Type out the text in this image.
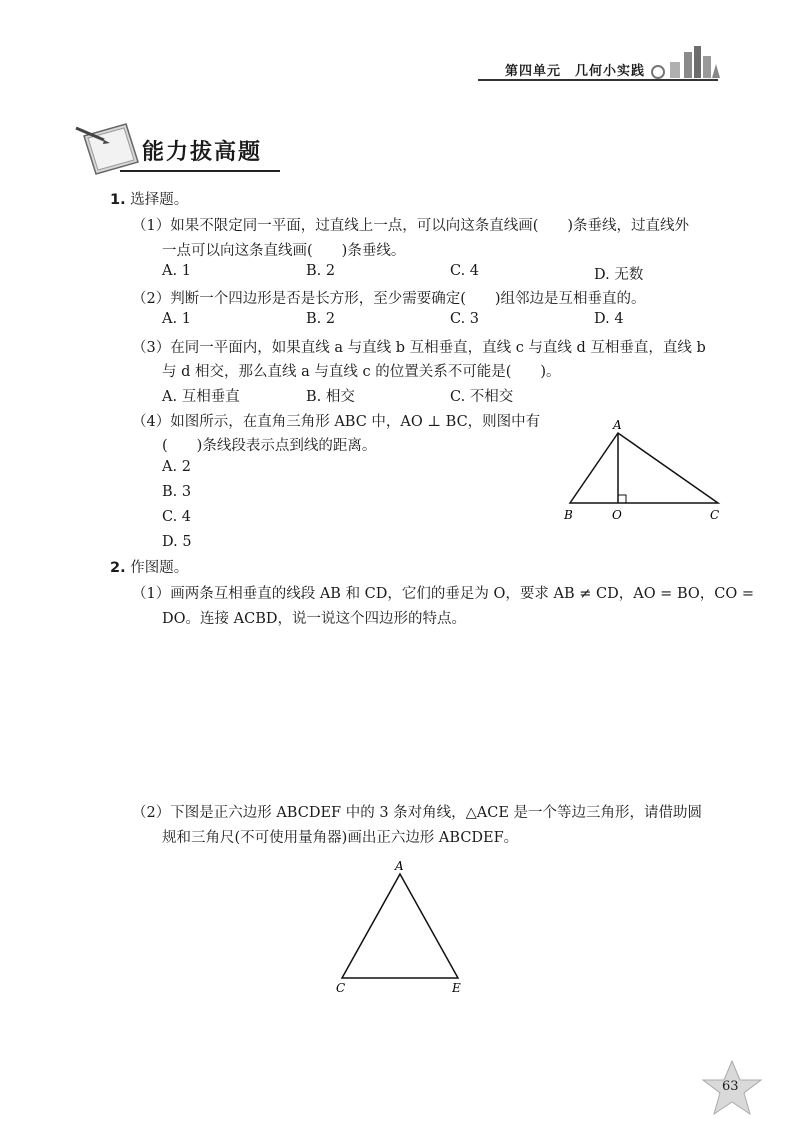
第四单元　几何小实践
能力拔高题
1. 选择题。
（1）如果不限定同一平面，过直线上一点，可以向这条直线画(　　)条垂线，过直线外
一点可以向这条直线画(　　)条垂线。
A. 1	B. 2	C. 4	D. 无数
（2）判断一个四边形是否是长方形，至少需要确定(　　)组邻边是互相垂直的。
A. 1	B. 2	C. 3	D. 4
（3）在同一平面内，如果直线 a 与直线 b 互相垂直，直线 c 与直线 d 互相垂直，直线 b
与 d 相交，那么直线 a 与直线 c 的位置关系不可能是(　　)。
A. 互相垂直	B. 相交	C. 不相交
（4）如图所示，在直角三角形 ABC 中，AO ⊥ BC，则图中有
(　　)条线段表示点到线的距离。
A. 2
B. 3
C. 4
D. 5
A
B	O	C
2. 作图题。
（1）画两条互相垂直的线段 AB 和 CD，它们的垂足为 O，要求 AB ≠ CD，AO = BO，CO =
DO。连接 ACBD，说一说这个四边形的特点。
（2）下图是正六边形 ABCDEF 中的 3 条对角线，△ACE 是一个等边三角形，请借助圆
规和三角尺(不可使用量角器)画出正六边形 ABCDEF。
A
C	E
63
